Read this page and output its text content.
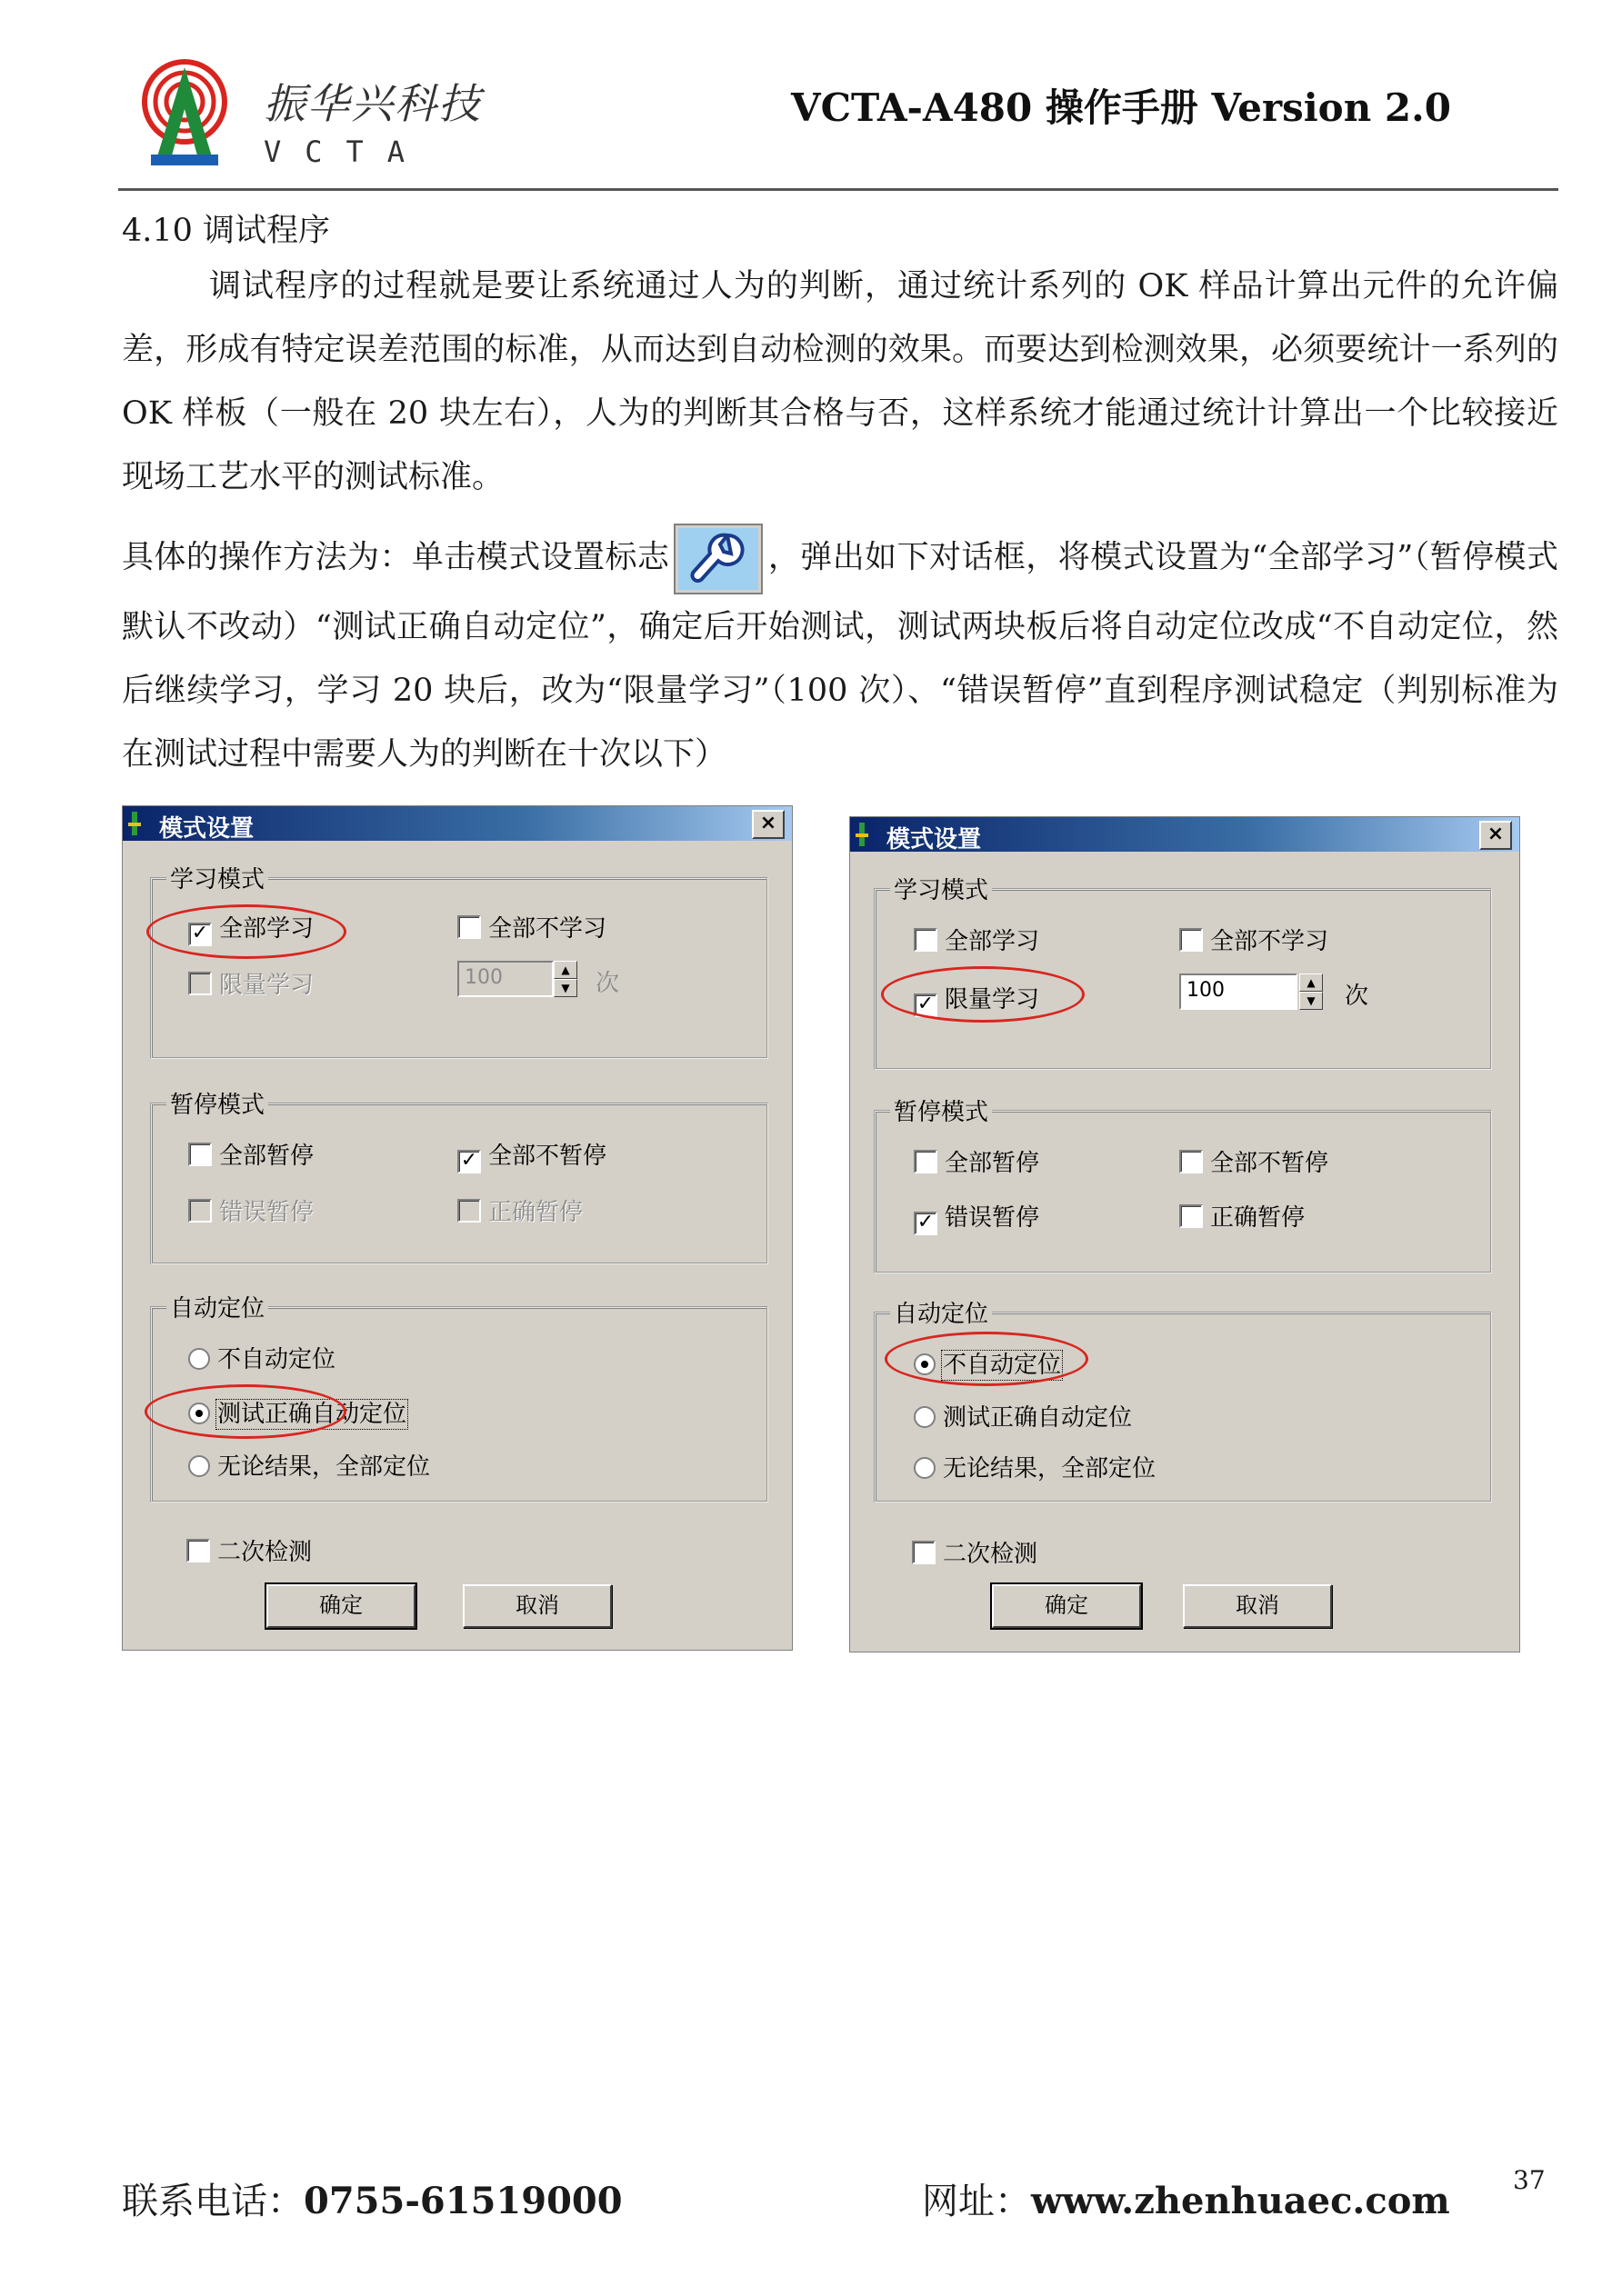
振华兴科技
VCTA
VCTA-A480 操作手册 Version 2.0
4.10 调试程序
调试程序的过程就是要让系统通过人为的判断，通过统计系列的 OK 样品计算出元件的允许偏差，形成有特定误差范围的标准，从而达到自动检测的效果。而要达到检测效果，必须要统计一系列的 OK 样板（一般在 20 块左右），人为的判断其合格与否，这样系统才能通过统计计算出一个比较接近现场工艺水平的测试标准。
具体的操作方法为：单击模式设置标志	，弹出如下对话框，将模式设置为“全部学习”（暂停模式默认不改动）“测试正确自动定位”，确定后开始测试，测试两块板后将自动定位改成“不自动定位，然后继续学习，学习 20 块后，改为“限量学习”（100 次）、“错误暂停”直到程序测试稳定（判别标准为在测试过程中需要人为的判断在十次以下）
模式设置	×
学习模式
✓ 全部学习	全部不学习
限量学习	100	▲
▼	次
暂停模式
全部暂停	✓ 全部不暂停
错误暂停	正确暂停
自动定位
不自动定位
测试正确自动定位
无论结果，全部定位
二次检测
确定	取消
模式设置	×
学习模式
全部学习	全部不学习
✓ 限量学习	100	▲
▼	次
暂停模式
全部暂停	全部不暂停
✓ 错误暂停	正确暂停
自动定位
不自动定位
测试正确自动定位
无论结果，全部定位
二次检测
确定	取消
联系电话：0755-61519000	网址：www.zhenhuaec.com 37
